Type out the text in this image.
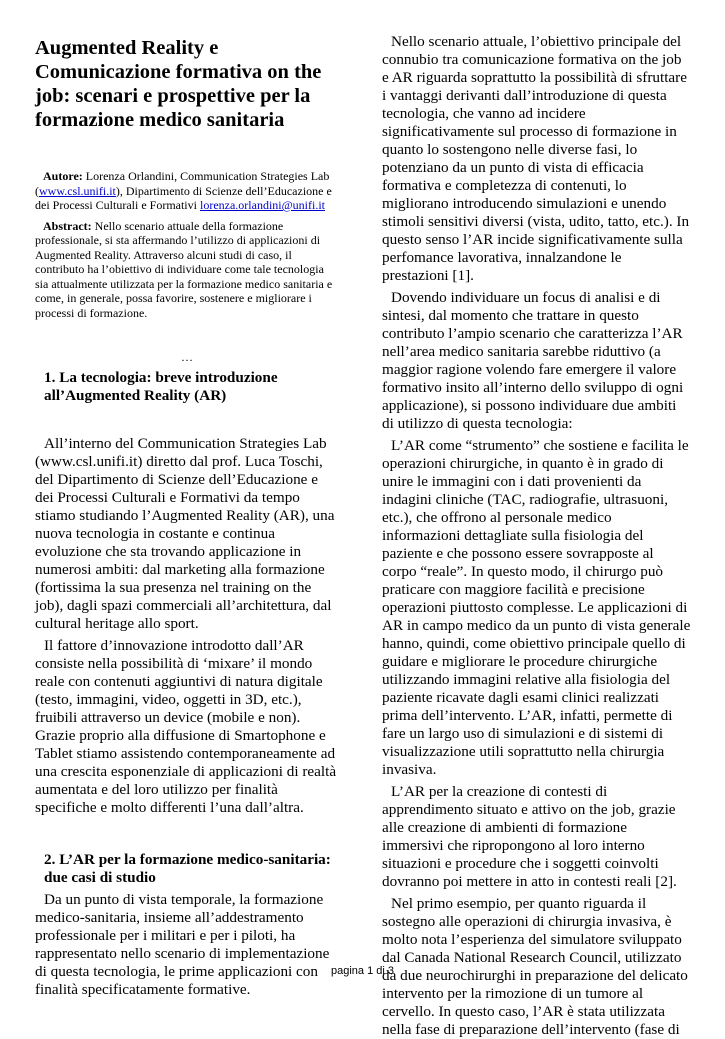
Augmented Reality e Comunicazione formativa on the job: scenari e prospettive per la formazione medico sanitaria

Autore: Lorenza Orlandini, Communication Strategies Lab (www.csl.unifi.it), Dipartimento di Scienze dell’Educazione e dei Processi Culturali e Formativi lorenza.orlandini@unifi.it

Abstract: Nello scenario attuale della formazione professionale, si sta affermando l’utilizzo di applicazioni di Augmented Reality. Attraverso alcuni studi di caso, il contributo ha l’obiettivo di individuare come tale tecnologia sia attualmente utilizzata per la formazione medico sanitaria e come, in generale, possa favorire, sostenere e migliorare i processi di formazione.

…

1. La tecnologia: breve introduzione all’Augmented Reality (AR)

All’interno del Communication Strategies Lab (www.csl.unifi.it) diretto dal prof. Luca Toschi, del Dipartimento di Scienze dell’Educazione e dei Processi Culturali e Formativi da tempo stiamo studiando l’Augmented Reality (AR), una nuova tecnologia in costante e continua evoluzione che sta trovando applicazione in numerosi ambiti: dal marketing alla formazione (fortissima la sua presenza nel training on the job), dagli spazi commerciali all’architettura, dal cultural heritage allo sport.

Il fattore d’innovazione introdotto dall’AR consiste nella possibilità di ‘mixare’ il mondo reale con contenuti aggiuntivi di natura digitale (testo, immagini, video, oggetti in 3D, etc.), fruibili attraverso un device (mobile e non). Grazie proprio alla diffusione di Smartophone e Tablet stiamo assistendo contemporaneamente ad una crescita esponenziale di applicazioni di realtà aumentata e del loro utilizzo per finalità specifiche e molto differenti l’una dall’altra.

2. L’AR per la formazione medico-sanitaria: due casi di studio

Da un punto di vista temporale, la formazione medico-sanitaria, insieme all’addestramento professionale per i militari e per i piloti, ha rappresentato nello scenario di implementazione di questa tecnologia, le prime applicazioni con finalità specificatamente formative.

Nello scenario attuale, l’obiettivo principale del connubio tra comunicazione formativa on the job e AR riguarda soprattutto la possibilità di sfruttare i vantaggi derivanti dall’introduzione di questa tecnologia, che vanno ad incidere significativamente sul processo di formazione in quanto lo sostengono nelle diverse fasi, lo potenziano da un punto di vista di efficacia formativa e completezza di contenuti, lo migliorano introducendo simulazioni e unendo stimoli sensitivi diversi (vista, udito, tatto, etc.). In questo senso l’AR incide significativamente sulla perfomance lavorativa, innalzandone le prestazioni [1].

Dovendo individuare un focus di analisi e di sintesi, dal momento che trattare in questo contributo l’ampio scenario che caratterizza l’AR nell’area medico sanitaria sarebbe riduttivo (a maggior ragione volendo fare emergere il valore formativo insito all’interno dello sviluppo di ogni applicazione), si possono individuare due ambiti di utilizzo di questa tecnologia:

L’AR come “strumento” che sostiene e facilita le operazioni chirurgiche, in quanto è in grado di unire le immagini con i dati provenienti da indagini cliniche (TAC, radiografie, ultrasuoni, etc.), che offrono al personale medico informazioni dettagliate sulla fisiologia del paziente e che possono essere sovrapposte al corpo “reale”. In questo modo, il chirurgo può praticare con maggiore facilità e precisione operazioni piuttosto complesse. Le applicazioni di AR in campo medico da un punto di vista generale hanno, quindi, come obiettivo principale quello di guidare e migliorare le procedure chirurgiche utilizzando immagini relative alla fisiologia del paziente ricavate dagli esami clinici realizzati prima dell’intervento. L’AR, infatti, permette di fare un largo uso di simulazioni e di sistemi di visualizzazione utili soprattutto nella chirurgia invasiva.

L’AR per la creazione di contesti di apprendimento situato e attivo on the job, grazie alle creazione di ambienti di formazione immersivi che ripropongono al loro interno situazioni e procedure che i soggetti coinvolti dovranno poi mettere in atto in contesti reali [2].

Nel primo esempio, per quanto riguarda il sostegno alle operazioni di chirurgia invasiva, è molto nota l’esperienza del simulatore sviluppato dal Canada National Research Council, utilizzato da due neurochirurghi in preparazione del delicato intervento per la rimozione di un tumore al cervello. In questo caso, l’AR è stata utilizzata nella fase di preparazione dell’intervento (fase di

pagina 1 di 3
